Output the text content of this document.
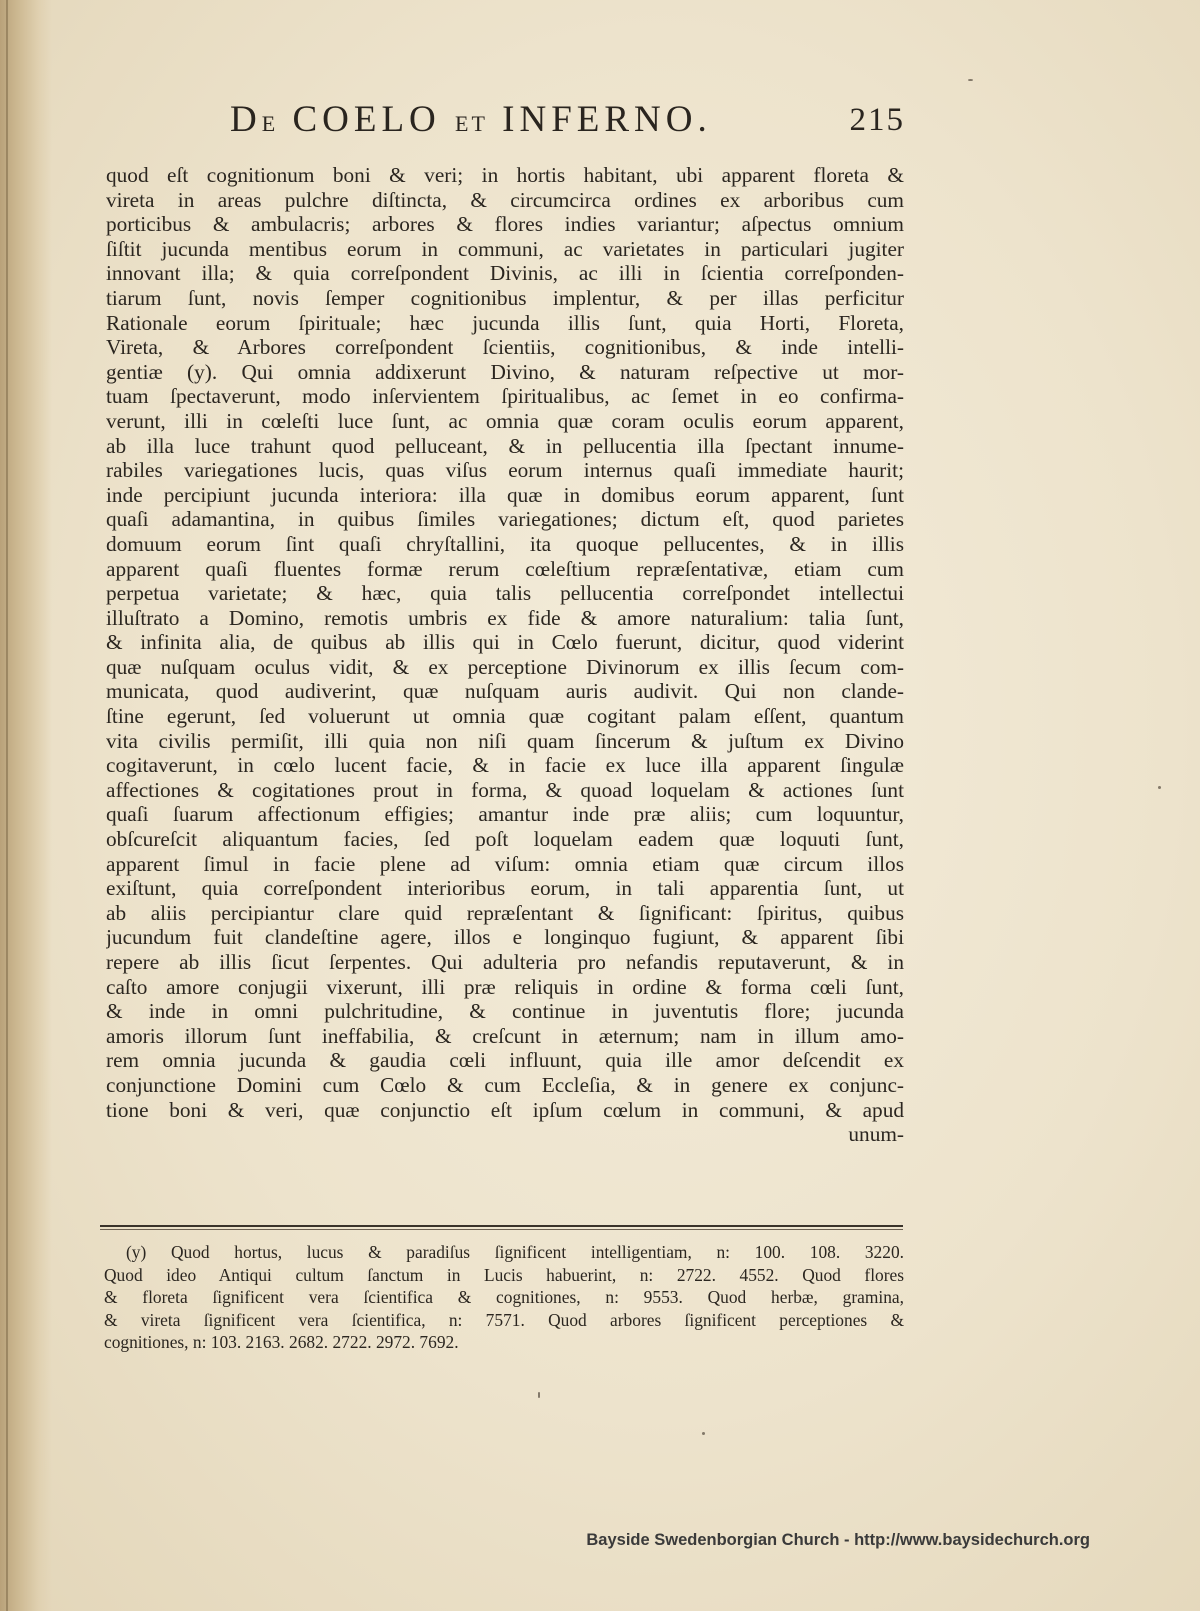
DE COELO ET INFERNO.	215
quod eſt cognitionum boni & veri; in hortis habitant, ubi apparent floreta &
vireta in areas pulchre diſtincta, & circumcirca ordines ex arboribus cum
porticibus & ambulacris; arbores & flores indies variantur; aſpectus omnium
ſiſtit jucunda mentibus eorum in communi, ac varietates in particulari jugiter
innovant illa; & quia correſpondent Divinis, ac illi in ſcientia correſponden-
tiarum ſunt, novis ſemper cognitionibus implentur, & per illas perficitur
Rationale eorum ſpirituale; hæc jucunda illis ſunt, quia Horti, Floreta,
Vireta, & Arbores correſpondent ſcientiis, cognitionibus, & inde intelli-
gentiæ (y). Qui omnia addixerunt Divino, & naturam reſpective ut mor-
tuam ſpectaverunt, modo inſervientem ſpiritualibus, ac ſemet in eo confirma-
verunt, illi in cœleſti luce ſunt, ac omnia quæ coram oculis eorum apparent,
ab illa luce trahunt quod pelluceant, & in pellucentia illa ſpectant innume-
rabiles variegationes lucis, quas viſus eorum internus quaſi immediate haurit;
inde percipiunt jucunda interiora: illa quæ in domibus eorum apparent, ſunt
quaſi adamantina, in quibus ſimiles variegationes; dictum eſt, quod parietes
domuum eorum ſint quaſi chryſtallini, ita quoque pellucentes, & in illis
apparent quaſi fluentes formæ rerum cœleſtium repræſentativæ, etiam cum
perpetua varietate; & hæc, quia talis pellucentia correſpondet intellectui
illuſtrato a Domino, remotis umbris ex fide & amore naturalium: talia ſunt,
& infinita alia, de quibus ab illis qui in Cœlo fuerunt, dicitur, quod viderint
quæ nuſquam oculus vidit, & ex perceptione Divinorum ex illis ſecum com-
municata, quod audiverint, quæ nuſquam auris audivit. Qui non clande-
ſtine egerunt, ſed voluerunt ut omnia quæ cogitant palam eſſent, quantum
vita civilis permiſit, illi quia non niſi quam ſincerum & juſtum ex Divino
cogitaverunt, in cœlo lucent facie, & in facie ex luce illa apparent ſingulæ
affectiones & cogitationes prout in forma, & quoad loquelam & actiones ſunt
quaſi ſuarum affectionum effigies; amantur inde præ aliis; cum loquuntur,
obſcureſcit aliquantum facies, ſed poſt loquelam eadem quæ loquuti ſunt,
apparent ſimul in facie plene ad viſum: omnia etiam quæ circum illos
exiſtunt, quia correſpondent interioribus eorum, in tali apparentia ſunt, ut
ab aliis percipiantur clare quid repræſentant & ſignificant: ſpiritus, quibus
jucundum fuit clandeſtine agere, illos e longinquo fugiunt, & apparent ſibi
repere ab illis ſicut ſerpentes. Qui adulteria pro nefandis reputaverunt, & in
caſto amore conjugii vixerunt, illi præ reliquis in ordine & forma cœli ſunt,
& inde in omni pulchritudine, & continue in juventutis flore; jucunda
amoris illorum ſunt ineffabilia, & creſcunt in æternum; nam in illum amo-
rem omnia jucunda & gaudia cœli influunt, quia ille amor deſcendit ex
conjunctione Domini cum Cœlo & cum Eccleſia, & in genere ex conjunc-
tione boni & veri, quæ conjunctio eſt ipſum cœlum in communi, & apud
unum-
(y) Quod hortus, lucus & paradiſus ſignificent intelligentiam, n: 100. 108. 3220.
Quod ideo Antiqui cultum ſanctum in Lucis habuerint, n: 2722. 4552. Quod flores
& floreta ſignificent vera ſcientifica & cognitiones, n: 9553. Quod herbæ, gramina,
& vireta ſignificent vera ſcientifica, n: 7571. Quod arbores ſignificent perceptiones &
cognitiones, n: 103. 2163. 2682. 2722. 2972. 7692.
Bayside Swedenborgian Church - http://www.baysidechurch.org
